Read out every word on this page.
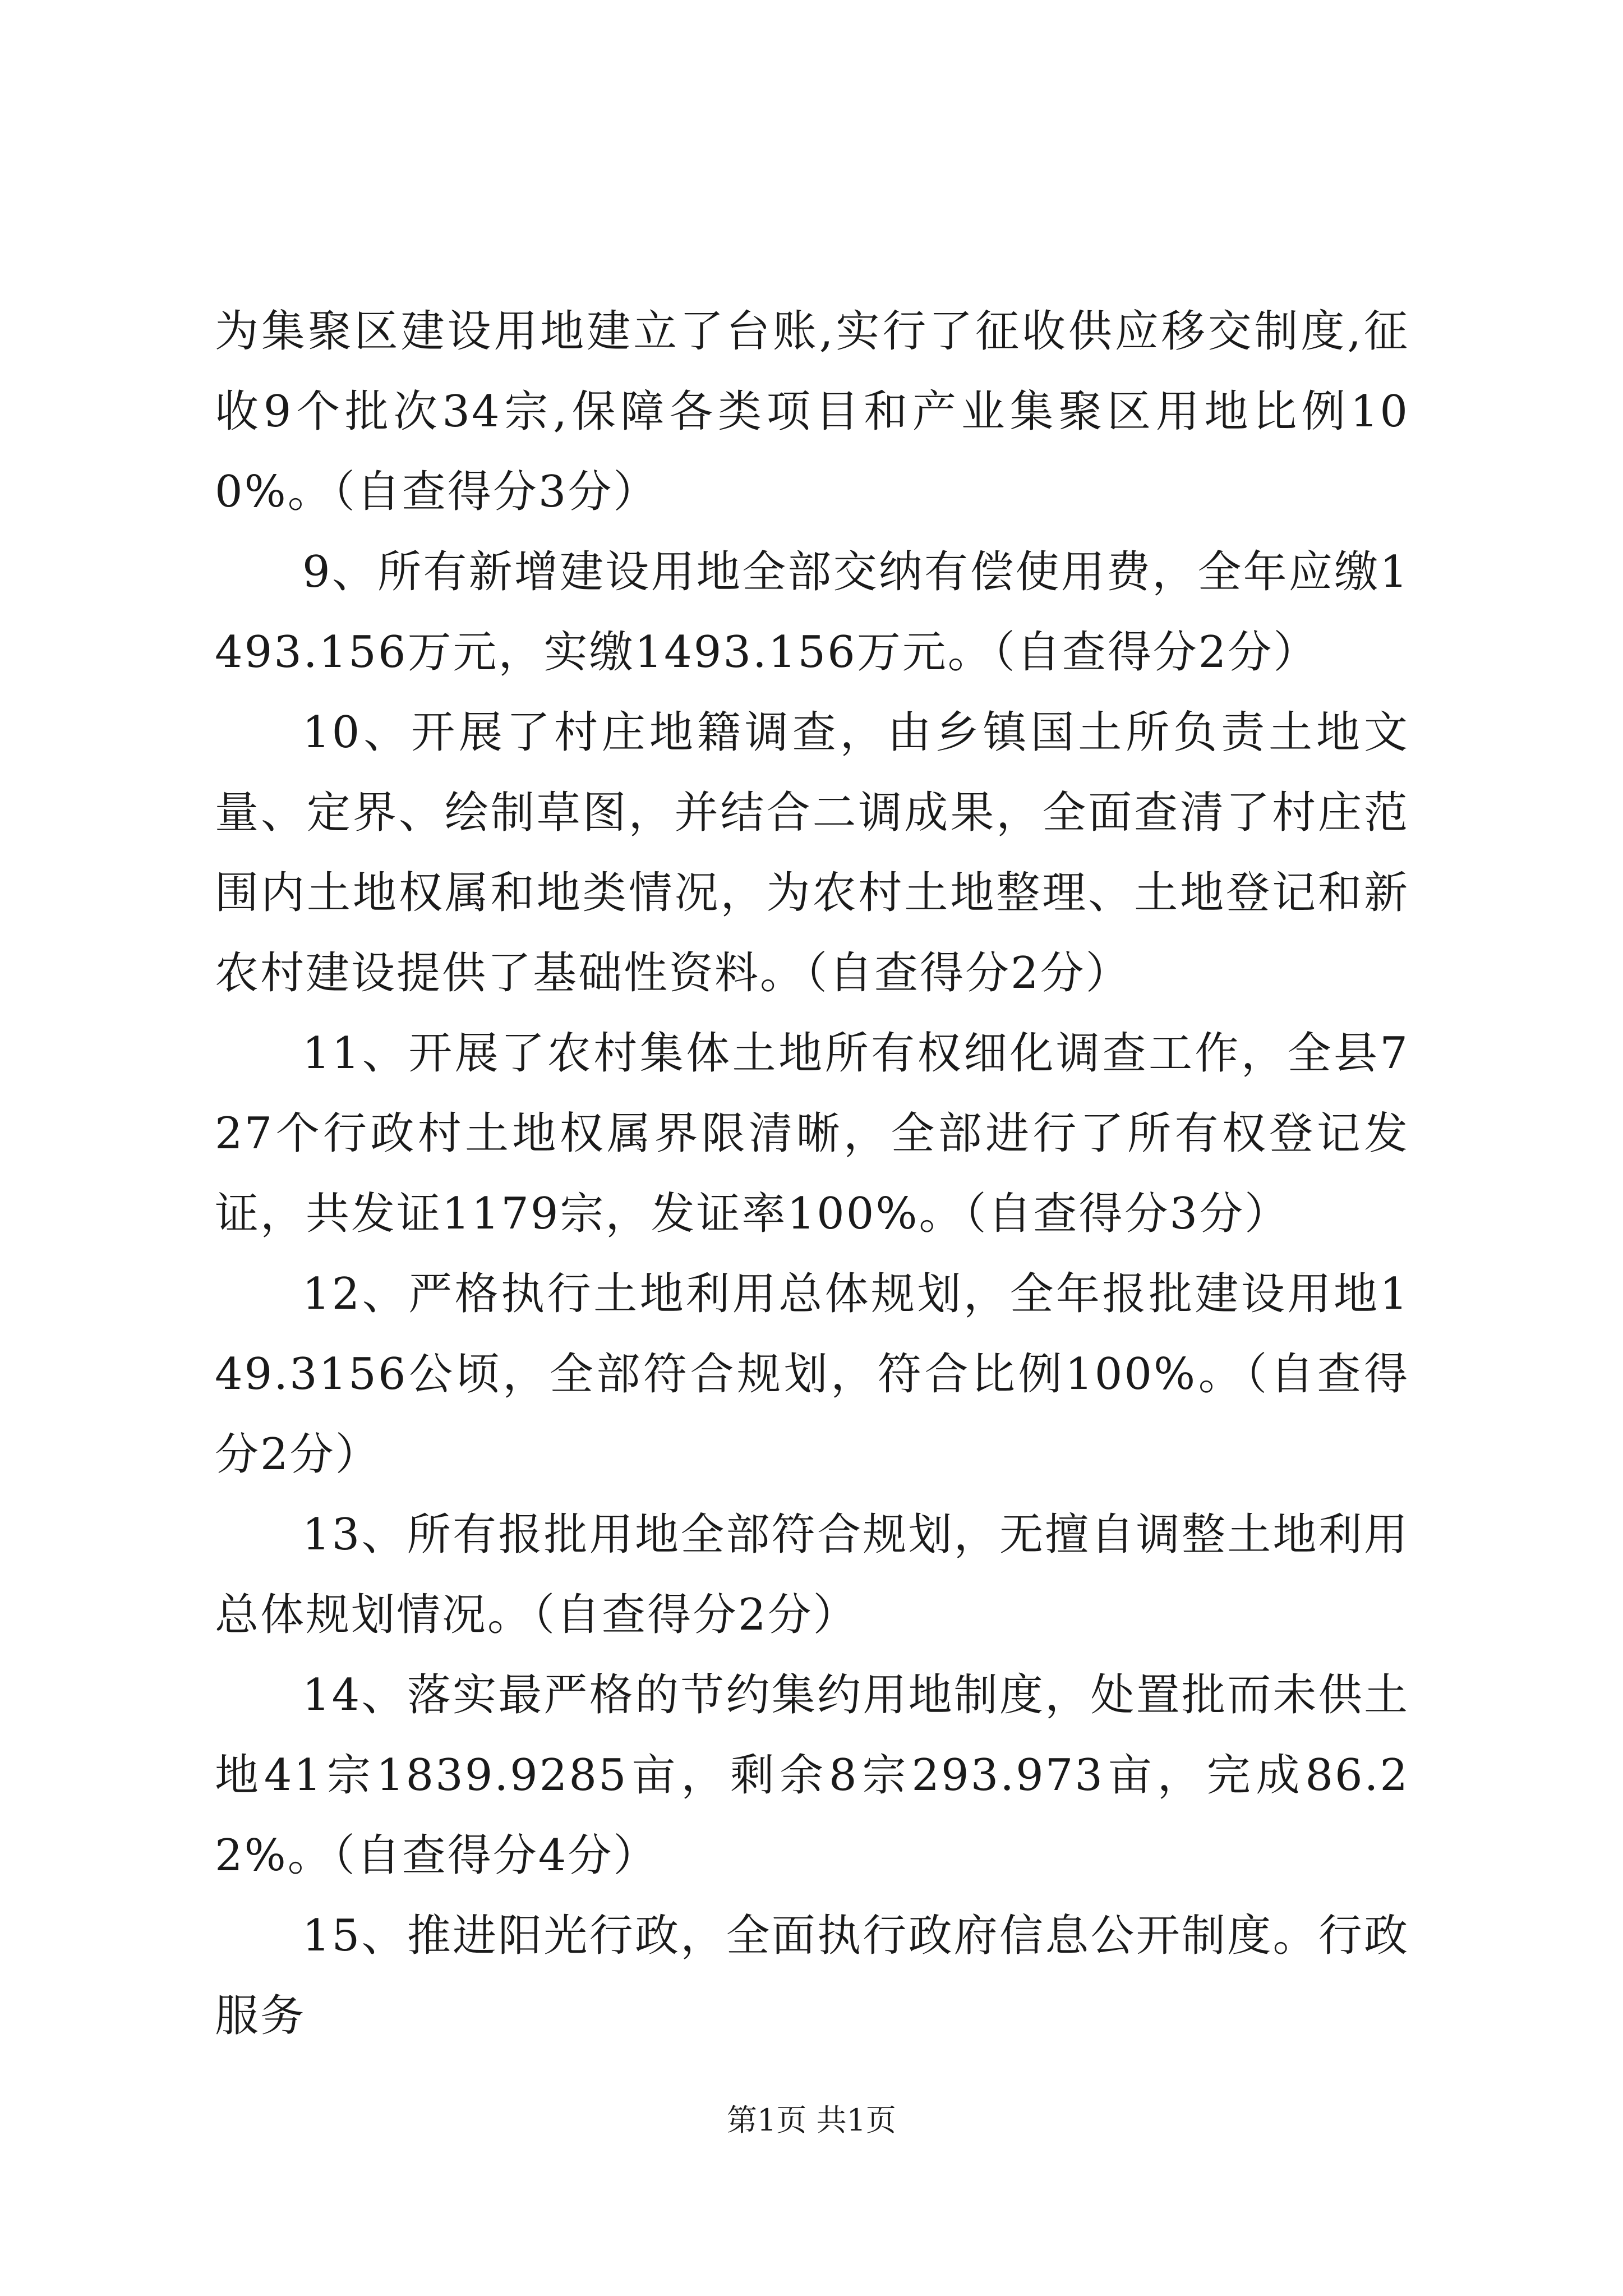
为集聚区建设用地建立了台账,实行了征收供应移交制度,征收9个批次34宗,保障各类项目和产业集聚区用地比例100%。（自查得分3分）

9、所有新增建设用地全部交纳有偿使用费，全年应缴1493.156万元，实缴1493.156万元。（自查得分2分）

10、开展了村庄地籍调查，由乡镇国土所负责土地文量、定界、绘制草图，并结合二调成果，全面查清了村庄范围内土地权属和地类情况，为农村土地整理、土地登记和新农村建设提供了基础性资料。（自查得分2分）

11、开展了农村集体土地所有权细化调查工作，全县727个行政村土地权属界限清晰，全部进行了所有权登记发证，共发证1179宗，发证率100%。（自查得分3分）

12、严格执行土地利用总体规划，全年报批建设用地149.3156公顷，全部符合规划，符合比例100%。（自查得分2分）

13、所有报批用地全部符合规划，无擅自调整土地利用总体规划情况。（自查得分2分）

14、落实最严格的节约集约用地制度，处置批而未供土地41宗1839.9285亩，剩余8宗293.973亩，完成86.22%。（自查得分4分）

15、推进阳光行政，全面执行政府信息公开制度。行政服务

第1页 共1页
